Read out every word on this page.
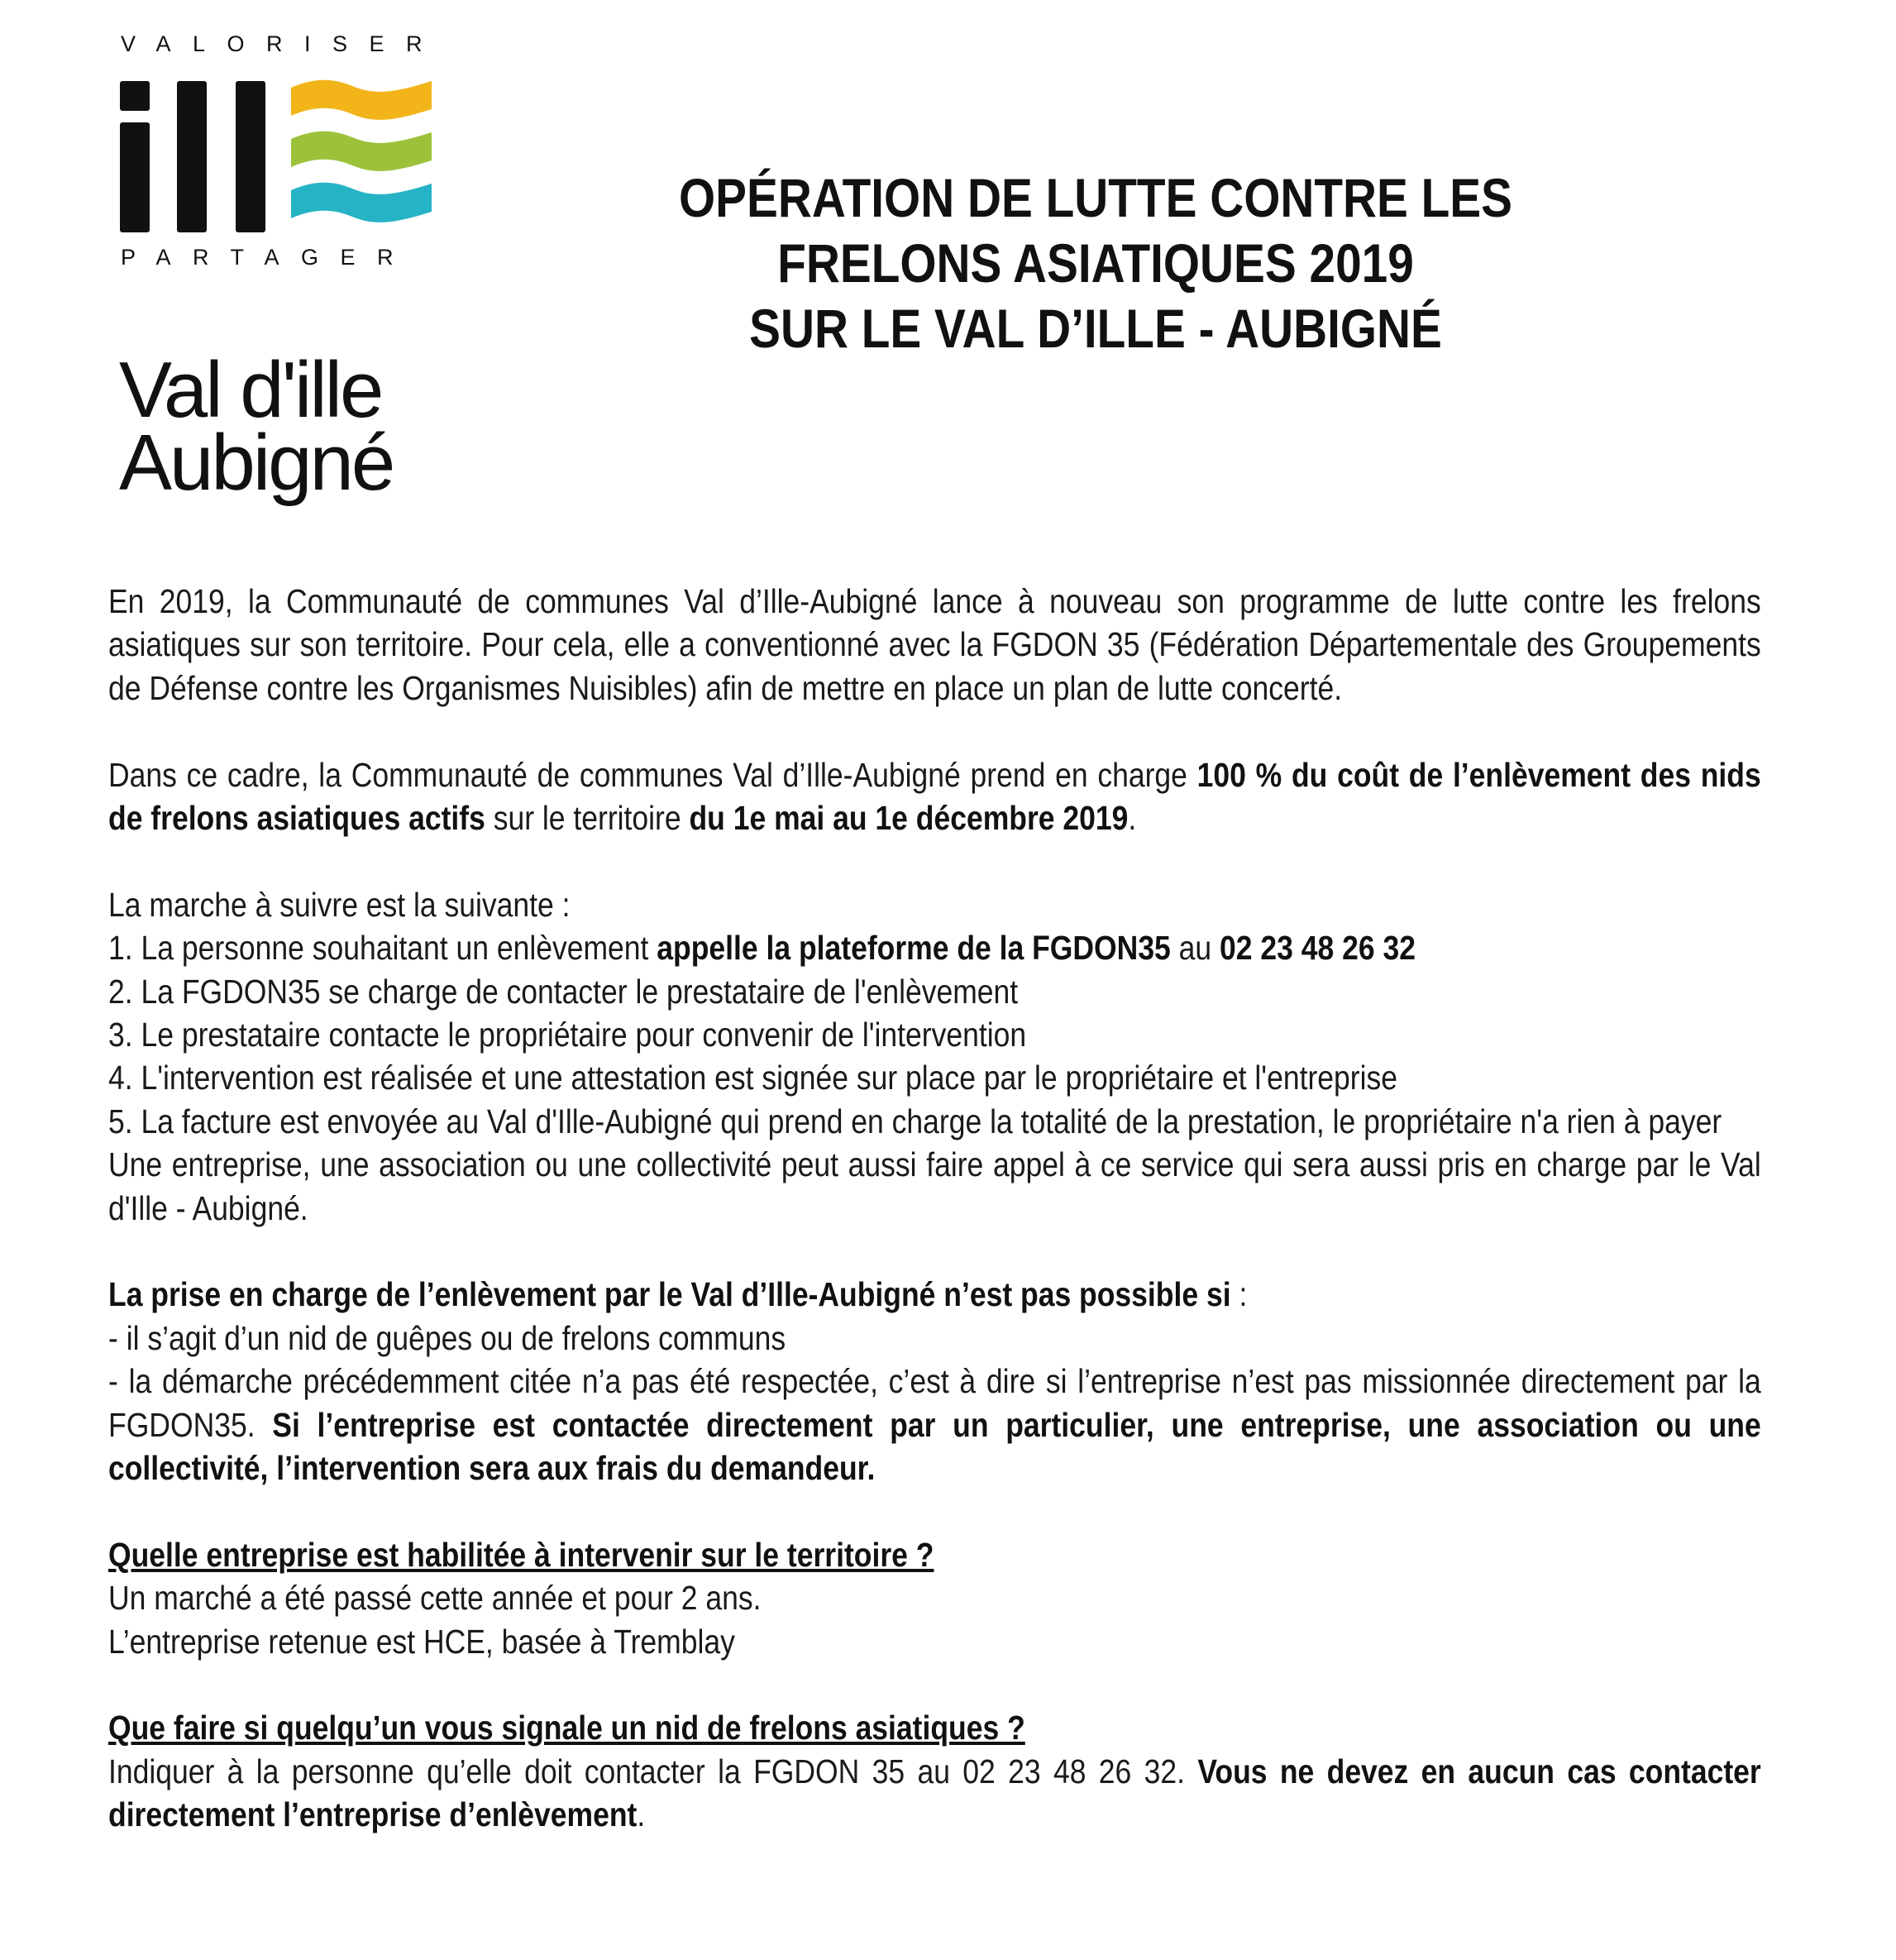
VALORISER
PARTAGER
Val d'ille
Aubigné
OPÉRATION DE LUTTE CONTRE LES
FRELONS ASIATIQUES 2019
SUR LE VAL D’ILLE - AUBIGNÉ

En 2019, la Communauté de communes Val d’Ille-Aubigné lance à nouveau son programme de lutte contre les frelons asiatiques sur son territoire. Pour cela, elle a conventionné avec la FGDON 35 (Fédération Départementale des Groupements de Défense contre les Organismes Nuisibles) afin de mettre en place un plan de lutte concerté.

Dans ce cadre, la Communauté de communes Val d’Ille-Aubigné prend en charge 100 % du coût de l’enlèvement des nids de frelons asiatiques actifs sur le territoire du 1e mai au 1e décembre 2019.

La marche à suivre est la suivante :
1. La personne souhaitant un enlèvement appelle la plateforme de la FGDON35 au 02 23 48 26 32
2. La FGDON35 se charge de contacter le prestataire de l'enlèvement
3. Le prestataire contacte le propriétaire pour convenir de l'intervention
4. L'intervention est réalisée et une attestation est signée sur place par le propriétaire et l'entreprise
5. La facture est envoyée au Val d'Ille-Aubigné qui prend en charge la totalité de la prestation, le propriétaire n'a rien à payer
Une entreprise, une association ou une collectivité peut aussi faire appel à ce service qui sera aussi pris en charge par le Val d'Ille - Aubigné.
La prise en charge de l’enlèvement par le Val d’Ille-Aubigné n’est pas possible si :
- il s’agit d’un nid de guêpes ou de frelons communs
- la démarche précédemment citée n’a pas été respectée, c’est à dire si l’entreprise n’est pas missionnée directement par la FGDON35. Si l’entreprise est contactée directement par un particulier, une entreprise, une association ou une collectivité, l’intervention sera aux frais du demandeur.
Quelle entreprise est habilitée à intervenir sur le territoire ?
Un marché a été passé cette année et pour 2 ans.
L’entreprise retenue est HCE, basée à Tremblay
Que faire si quelqu’un vous signale un nid de frelons asiatiques ?
Indiquer à la personne qu’elle doit contacter la FGDON 35 au 02 23 48 26 32. Vous ne devez en aucun cas contacter directement l’entreprise d’enlèvement.
